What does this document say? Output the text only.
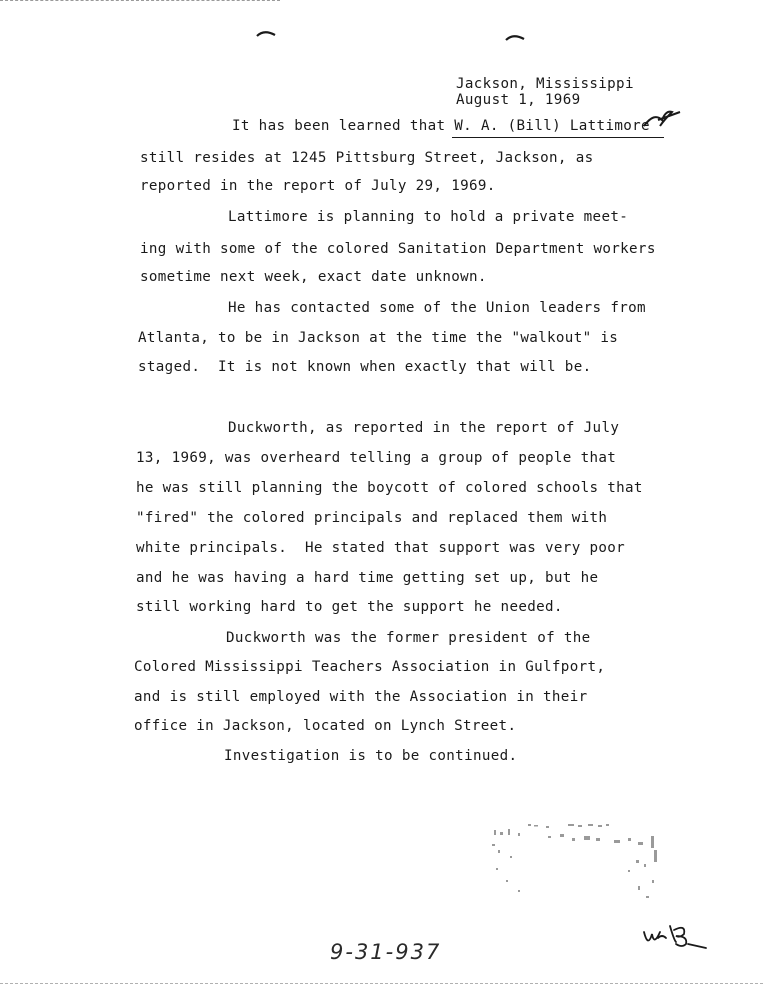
Jackson, Mississippi
August 1, 1969
It has been learned that W. A. (Bill) Lattimore
still resides at 1245 Pittsburg Street, Jackson, as
reported in the report of July 29, 1969.
Lattimore is planning to hold a private meet-
ing with some of the colored Sanitation Department workers
sometime next week, exact date unknown.
He has contacted some of the Union leaders from
Atlanta, to be in Jackson at the time the "walkout" is
staged.  It is not known when exactly that will be.
Duckworth, as reported in the report of July
13, 1969, was overheard telling a group of people that
he was still planning the boycott of colored schools that
"fired" the colored principals and replaced them with
white principals.  He stated that support was very poor
and he was having a hard time getting set up, but he
still working hard to get the support he needed.
Duckworth was the former president of the
Colored Mississippi Teachers Association in Gulfport,
and is still employed with the Association in their
office in Jackson, located on Lynch Street.
Investigation is to be continued.
9-31-937
